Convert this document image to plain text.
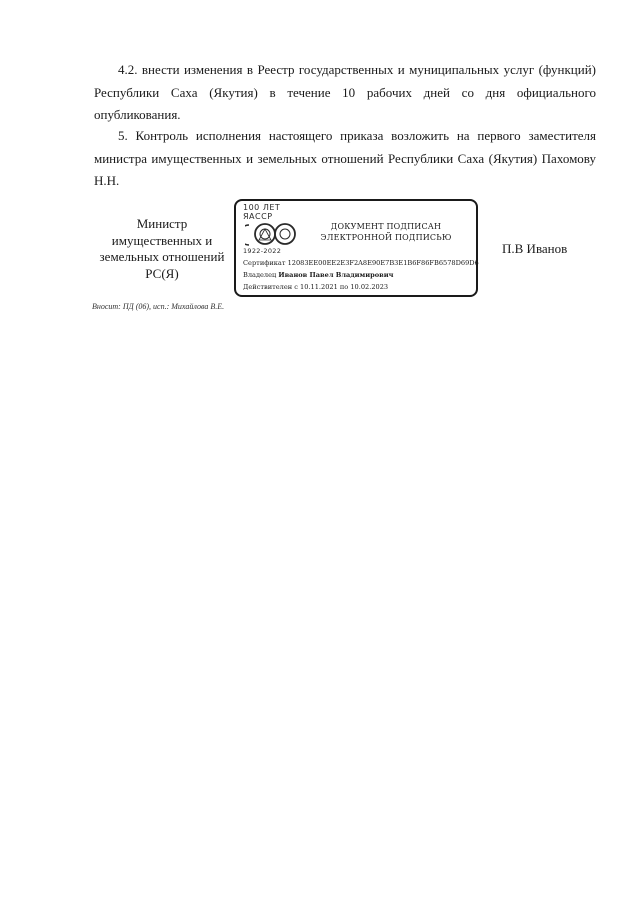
4.2. внести изменения в Реестр государственных и муниципальных услуг (функций) Республики Саха (Якутия) в течение 10 рабочих дней со дня официального опубликования.

5. Контроль исполнения настоящего приказа возложить на первого заместителя министра имущественных и земельных отношений Республики Саха (Якутия) Пахомову Н.Н.

Министр
имущественных и
земельных отношений
РС(Я)
100 ЛЕТ
ЯАССР
1922-2022
ДОКУМЕНТ ПОДПИСАН
ЭЛЕКТРОННОЙ ПОДПИСЬЮ
Сертификат 12083EE00EE2E3F2A8E90E7B3E1B6F86FB6578D69D6
Владелец Иванов Павел Владимирович
Действителен с 10.11.2021 по 10.02.2023
П.В Иванов
Вносит: ПД (06), исп.: Михайлова В.Е.
